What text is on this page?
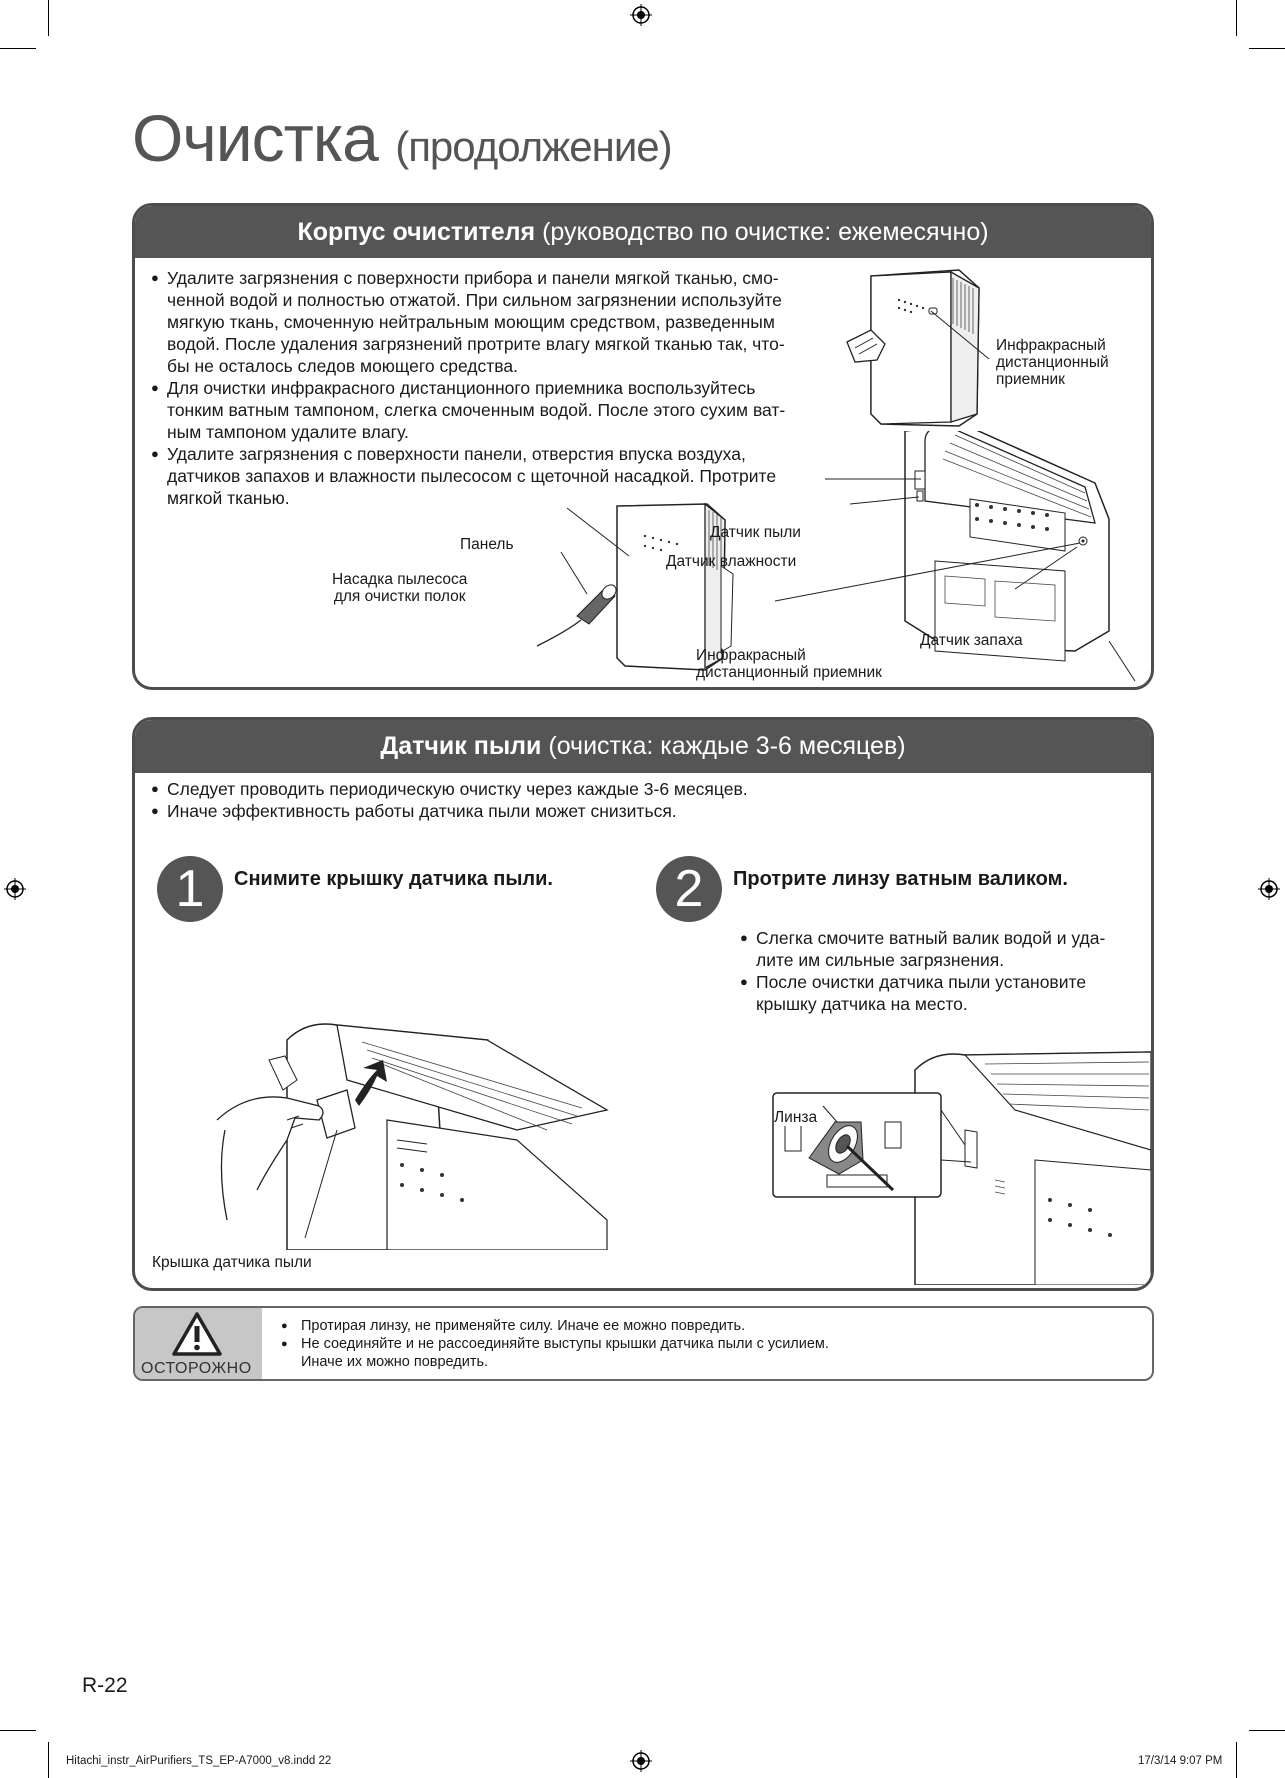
Очистка (продолжение)
Корпус очистителя (руководство по очистке: ежемесячно)
● Удалите загрязнения с поверхности прибора и панели мягкой тканью, смо-
ченной водой и полностью отжатой. При сильном загрязнении используйте
мягкую ткань, смоченную нейтральным моющим средством, разведенным
водой. После удаления загрязнений протрите влагу мягкой тканью так, что-
бы не осталось следов моющего средства.
● Для очистки инфракрасного дистанционного приемника воспользуйтесь
тонким ватным тампоном, слегка смоченным водой. После этого сухим ват-
ным тампоном удалите влагу.
● Удалите загрязнения с поверхности панели, отверстия впуска воздуха,
датчиков запахов и влажности пылесосом с щеточной насадкой. Протрите
мягкой тканью.
Инфракрасный
дистанционный
приемник
Панель
Насадка пылесоса
для очистки полок
Датчик пыли
Датчик влажности
Датчик запаха
Инфракрасный
дистанционный приемник
Датчик пыли (очистка: каждые 3-6 месяцев)
● Следует проводить периодическую очистку через каждые 3-6 месяцев.
● Иначе эффективность работы датчика пыли может снизиться.
1	Снимите крышку датчика пыли.
Крышка датчика пыли
2	Протрите линзу ватным валиком.
● Слегка смочите ватный валик водой и уда-
лите им сильные загрязнения.
● После очистки датчика пыли установите
крышку датчика на место.
Линза
ОСТОРОЖНО
● Протирая линзу, не применяйте силу. Иначе ее можно повредить.
● Не соединяйте и не рассоединяйте выступы крышки датчика пыли с усилием.
Иначе их можно повредить.
R-22
Hitachi_instr_AirPurifiers_TS_EP-A7000_v8.indd 22	17/3/14 9:07 PM
